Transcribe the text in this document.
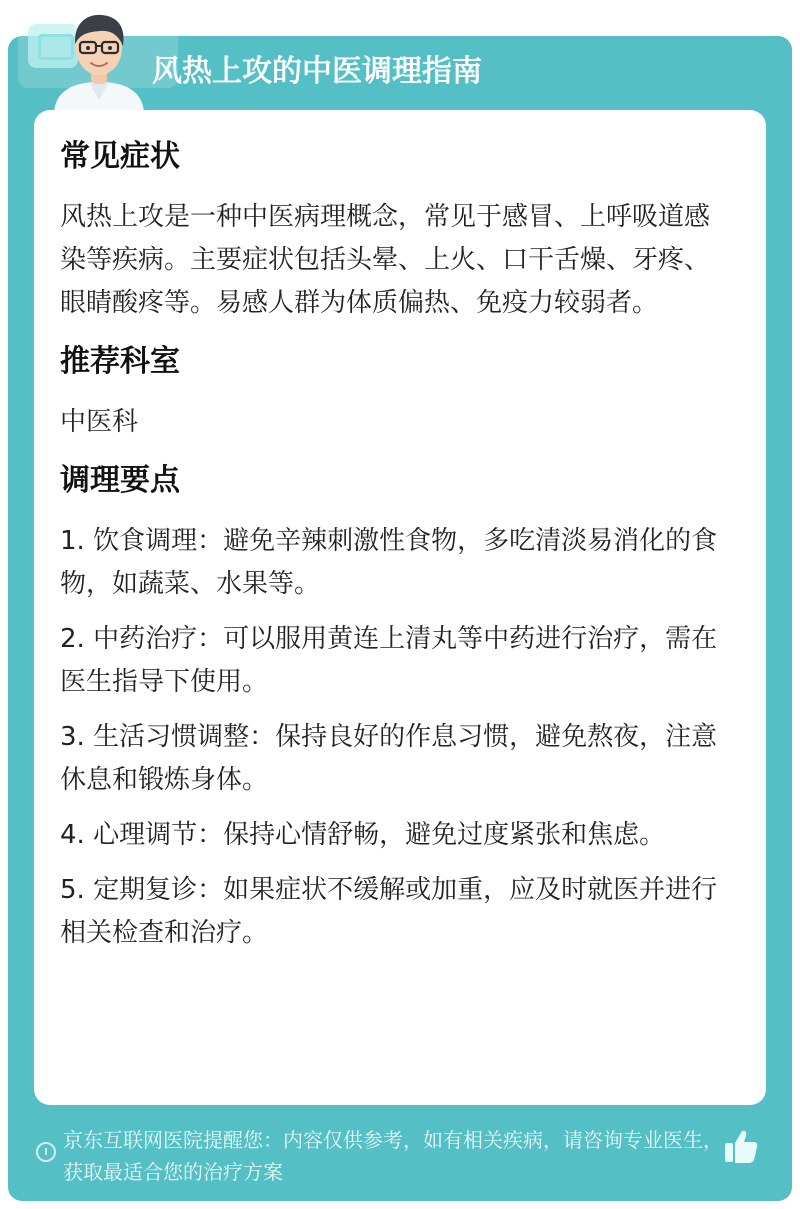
风热上攻的中医调理指南
常见症状
风热上攻是一种中医病理概念，常见于感冒、上呼吸道感染等疾病。主要症状包括头晕、上火、口干舌燥、牙疼、眼睛酸疼等。易感人群为体质偏热、免疫力较弱者。
推荐科室
中医科
调理要点
1. 饮食调理：避免辛辣刺激性食物，多吃清淡易消化的食物，如蔬菜、水果等。
2. 中药治疗：可以服用黄连上清丸等中药进行治疗，需在医生指导下使用。
3. 生活习惯调整：保持良好的作息习惯，避免熬夜，注意休息和锻炼身体。
4. 心理调节：保持心情舒畅，避免过度紧张和焦虑。
5. 定期复诊：如果症状不缓解或加重，应及时就医并进行相关检查和治疗。
京东互联网医院提醒您：内容仅供参考，如有相关疾病，请咨询专业医生，获取最适合您的治疗方案
